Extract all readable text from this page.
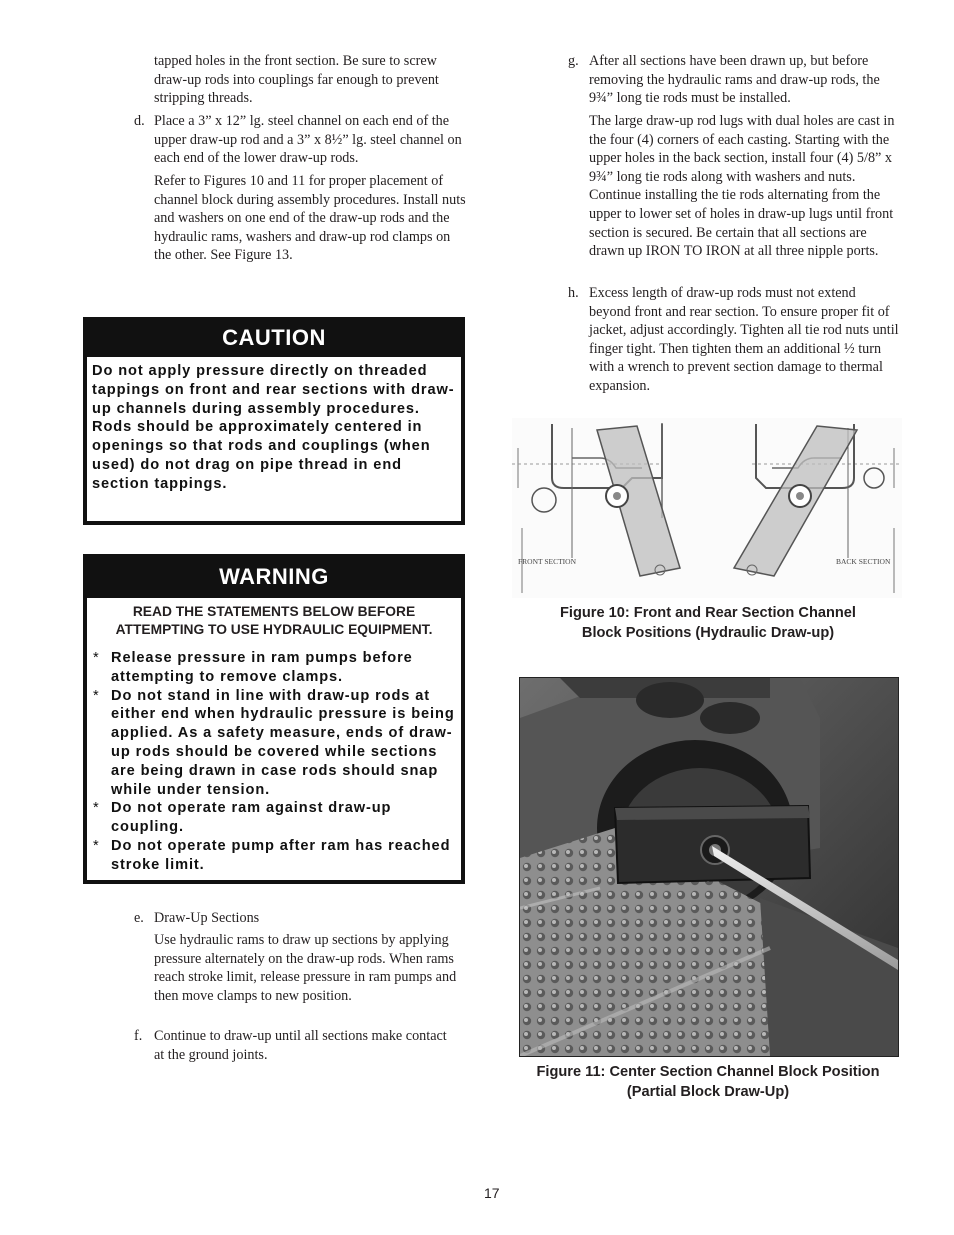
tapped holes in the front section. Be sure to screw draw-up rods into couplings far enough to prevent stripping threads.
d. Place a 3” x 12” lg. steel channel on each end of the upper draw-up rod and a 3” x 8½” lg. steel channel on each end of the lower draw-up rods.
Refer to Figures 10 and 11 for proper placement of channel block during assembly procedures. Install nuts and washers on one end of the draw-up rods and the hydraulic rams, washers and draw-up rod clamps on the other. See Figure 13.
CAUTION
Do not apply pressure directly on threaded tappings on front and rear sections with draw-up channels during assembly procedures.
Rods should be approximately centered in openings so that rods and couplings (when used) do not drag on pipe thread in end section tappings.
WARNING
READ THE STATEMENTS BELOW BEFORE ATTEMPTING TO USE HYDRAULIC EQUIPMENT.
* Release pressure in ram pumps before attempting to remove clamps.
* Do not stand in line with draw-up rods at either end when hydraulic pressure is being applied. As a safety measure, ends of draw-up rods should be covered while sections are being drawn in case rods should snap while under tension.
* Do not operate ram against draw-up coupling.
* Do not operate pump after ram has reached stroke limit.
e. Draw-Up Sections
Use hydraulic rams to draw up sections by applying pressure alternately on the draw-up rods. When rams reach stroke limit, release pressure in ram pumps and then move clamps to new position.
f. Continue to draw-up until all sections make contact at the ground joints.
g. After all sections have been drawn up, but before removing the hydraulic rams and draw-up rods, the 9¾” long tie rods must be installed.
The large draw-up rod lugs with dual holes are cast in the four (4) corners of each casting. Starting with the upper holes in the back section, install four (4) 5/8” x 9¾” long tie rods along with washers and nuts. Continue installing the tie rods alternating from the upper to lower set of holes in draw-up lugs until front section is secured. Be certain that all sections are drawn up IRON TO IRON at all three nipple ports.
h. Excess length of draw-up rods must not extend beyond front and rear section. To ensure proper fit of jacket, adjust accordingly. Tighten all tie rod nuts until finger tight. Then tighten them an additional ½ turn with a wrench to prevent section damage to thermal expansion.
FRONT SECTION	BACK SECTION
Figure 10: Front and Rear Section Channel
Block Positions (Hydraulic Draw-up)
Figure 11: Center Section Channel Block Position
(Partial Block Draw-Up)
17
